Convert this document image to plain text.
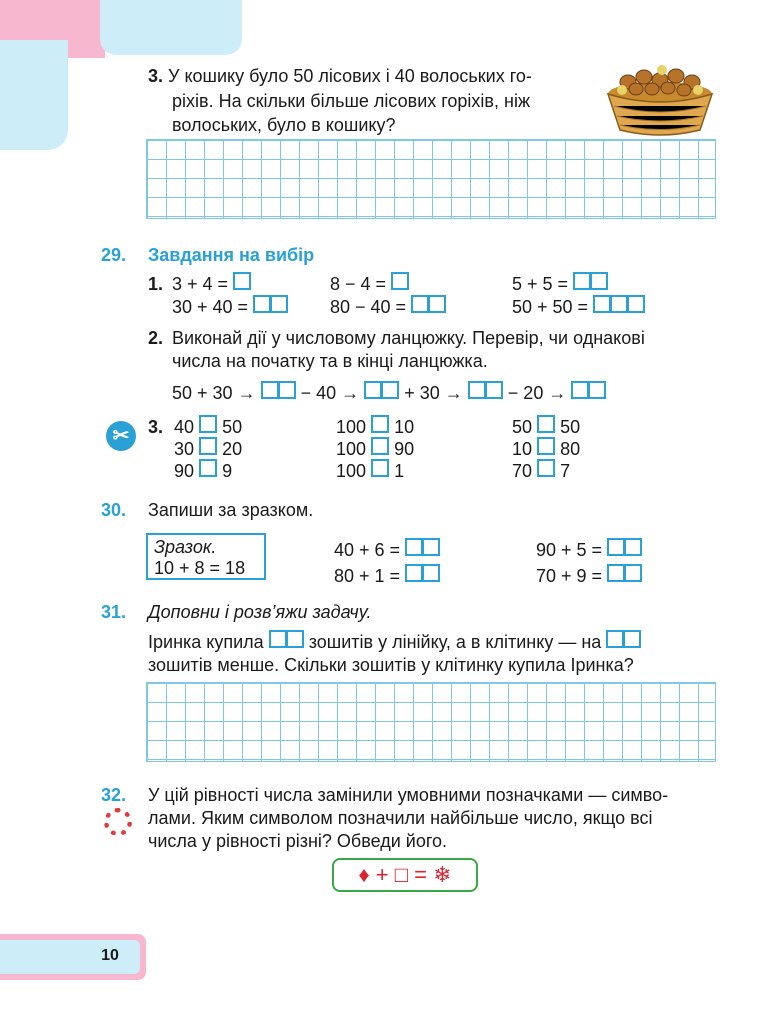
3. У кошику було 50 лісових і 40 волоських го-
ріхів. На скільки більше лісових горіхів, ніж
волоських, було в кошику?
29. Завдання на вибір
1. 3 + 4 =	8 − 4 =	5 + 5 =
30 + 40 =	80 − 40 =	50 + 50 =
2. Виконай дії у числовому ланцюжку. Перевір, чи однакові
числа на початку та в кінці ланцюжка.
50 + 30 →	− 40 →	+ 30 →	− 20 →
✂	3. 40 50	100 10	50 50
30 20	100 90	10 80
90 9	100 1	70 7
30. Запиши за зразком.
Зразок.
10 + 8 = 18
40 + 6 =	90 + 5 =
80 + 1 =	70 + 9 =
31. Доповни і розв’яжи задачу.
Іринка купила	зошитів у лінійку, а в клітинку — на
зошитів менше. Скільки зошитів у клітинку купила Іринка?
32. У цій рівності числа замінили умовними позначками — симво-
лами. Яким символом позначили найбільше число, якщо всі
числа у рівності різні? Обведи його.
♦ + □ = ❄
10
